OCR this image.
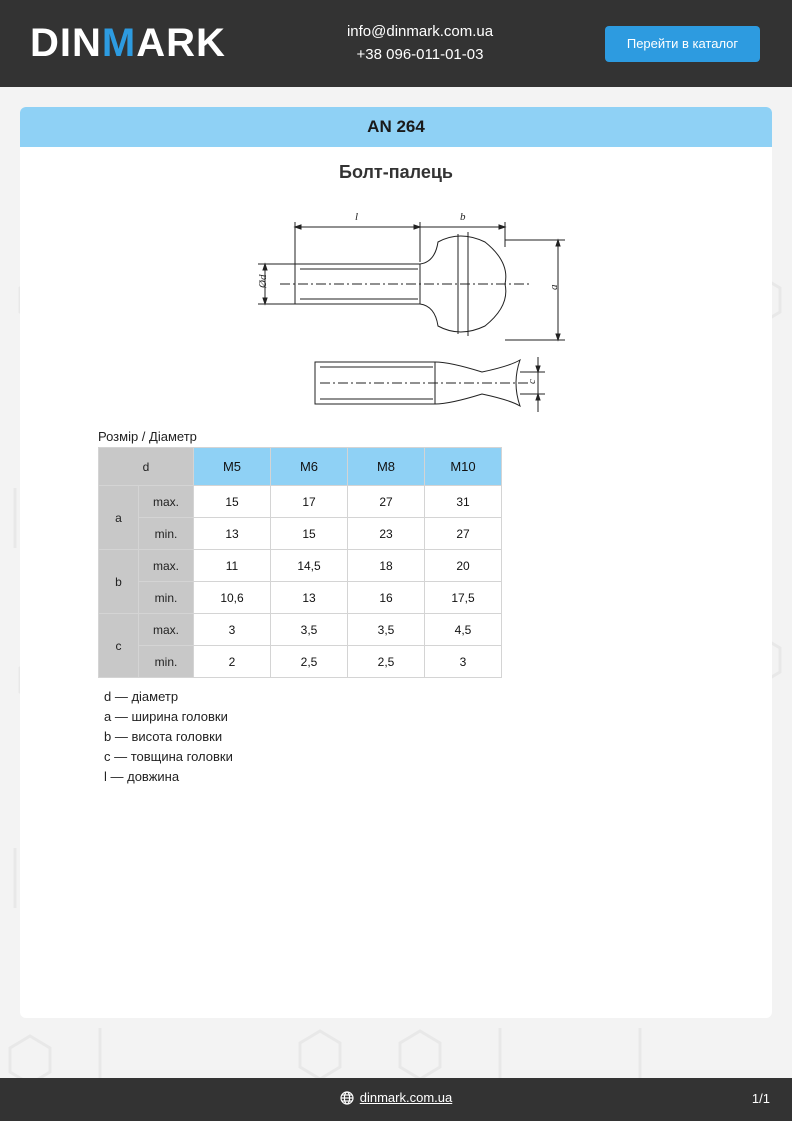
DIN M ARK	info@dinmark.com.ua
+38 096-011-01-03
Перейти в каталог
AN 264
Болт-палець
l	b
Ød	a
c
Розмір / Діаметр
d		M5	M6	M8	M10
a	max.	15	17	27	31
	min.	13	15	23	27
b	max.	11	14,5	18	20
	min.	10,6	13	16	17,5
c	max.	3	3,5	3,5	4,5
	min.	2	2,5	2,5	3
d — діаметр
a — ширина головки
b — висота головки
c — товщина головки
l — довжина
dinmark.com.ua	1/1
